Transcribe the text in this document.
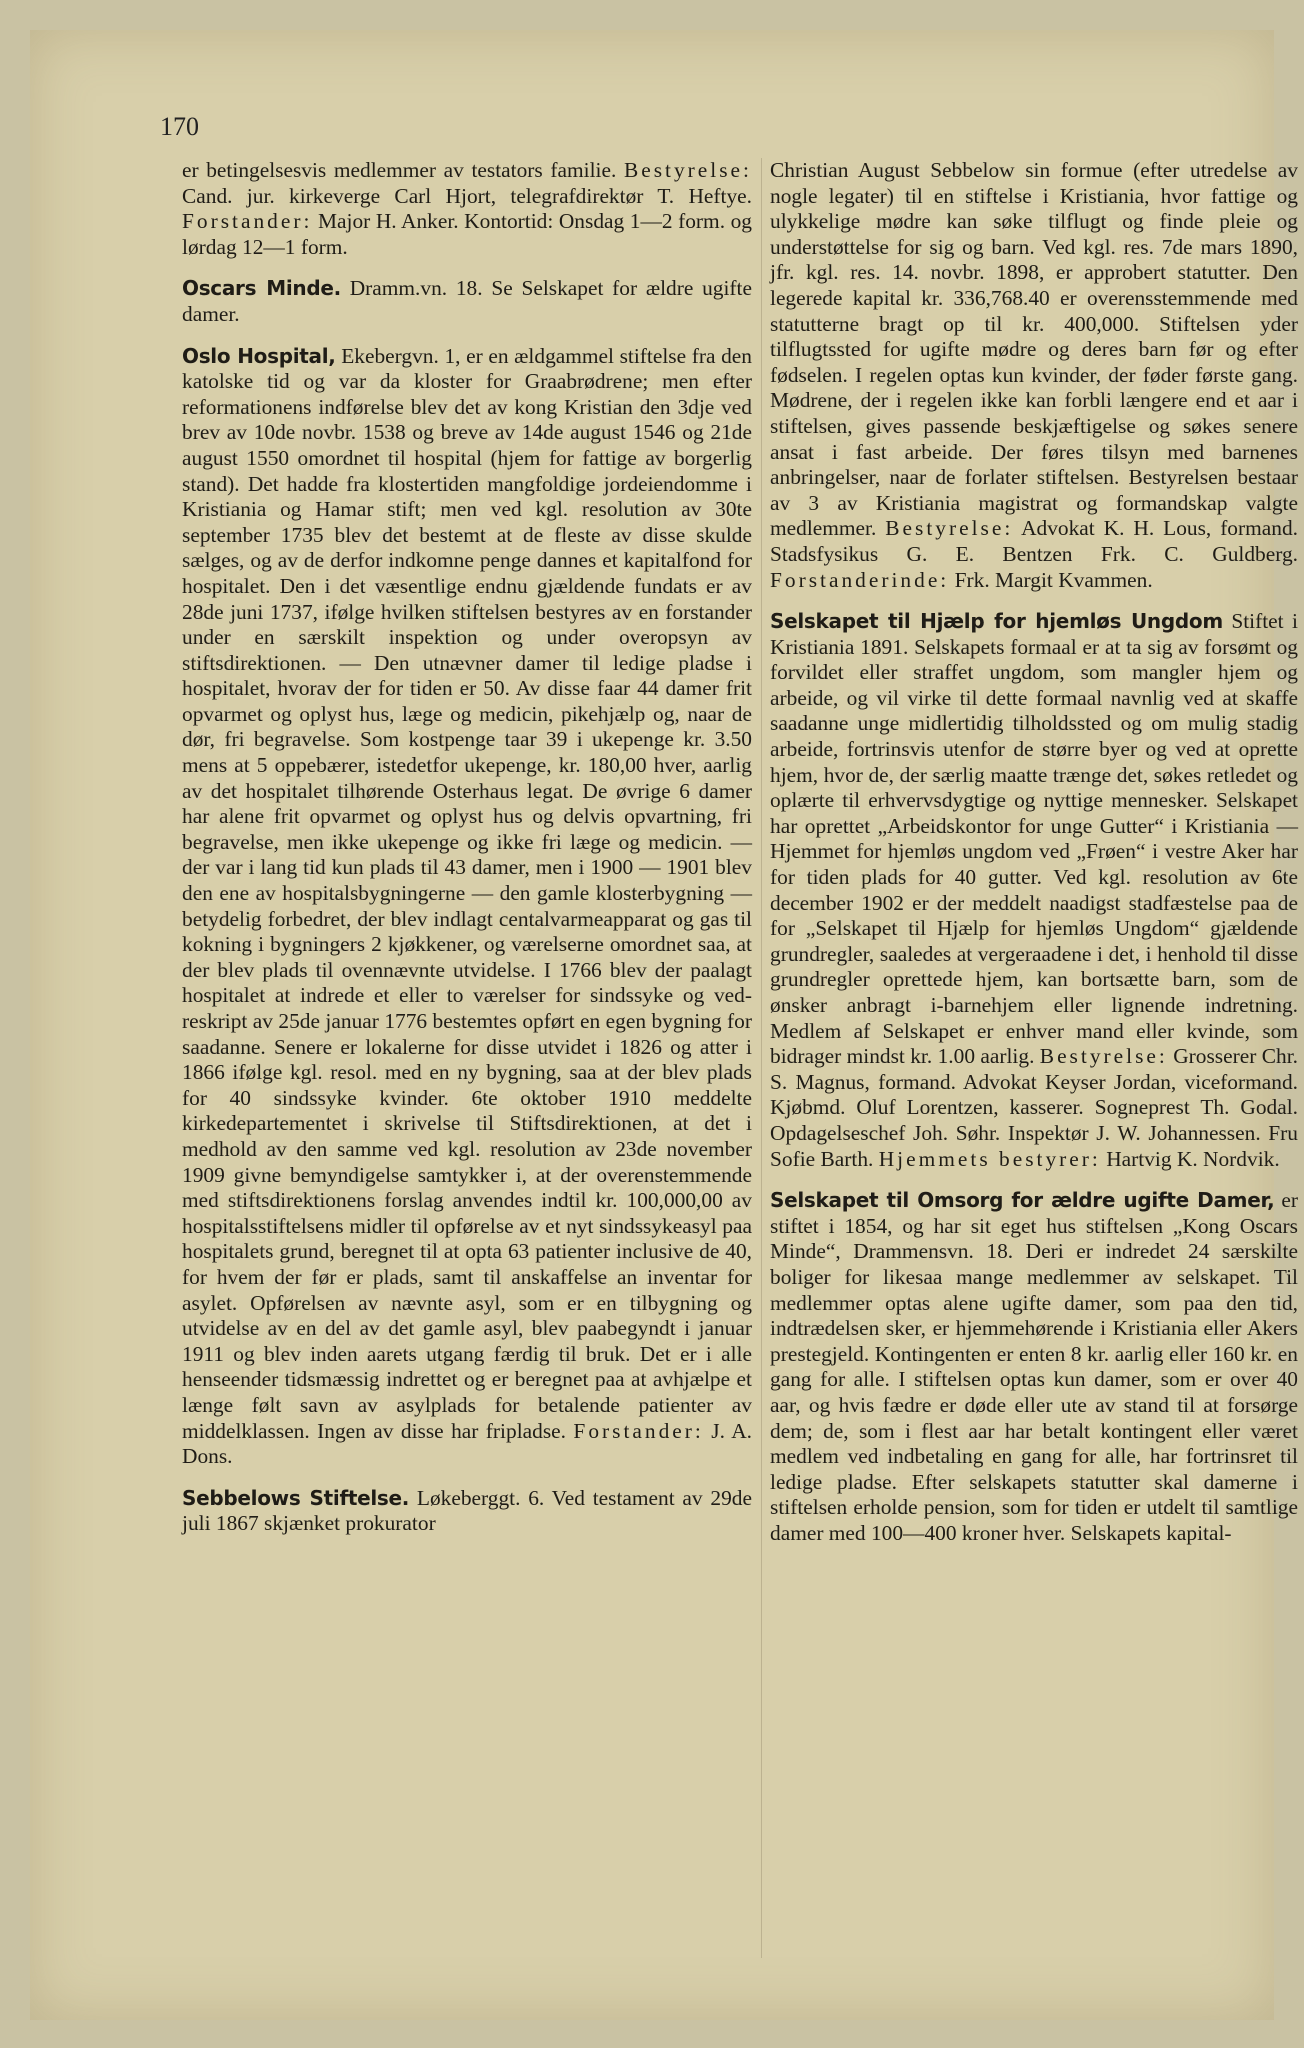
170

er betingelsesvis medlemmer av testators familie. Bestyrelse: Cand. jur. kirkeverge Carl Hjort, telegrafdirektør T. Heftye. Forstander: Major H. Anker. Kontortid: Onsdag 1—2 form. og lørdag 12—1 form.

Oscars Minde. Dramm.vn. 18. Se Selskapet for ældre ugifte damer.

Oslo Hospital, Ekebergvn. 1, er en ældgammel stiftelse fra den katolske tid og var da kloster for Graabrødrene; men efter reformationens indførelse blev det av kong Kristian den 3dje ved brev av 10de novbr. 1538 og breve av 14de august 1546 og 21de august 1550 omordnet til hospital (hjem for fattige av borgerlig stand). Det hadde fra klostertiden mangfoldige jordeiendomme i Kristiania og Hamar stift; men ved kgl. resolution av 30te september 1735 blev det bestemt at de fleste av disse skulde sælges, og av de derfor indkomne penge dannes et kapitalfond for hospitalet. Den i det væsentlige endnu gjældende fundats er av 28de juni 1737, ifølge hvilken stiftelsen bestyres av en forstander under en særskilt inspektion og under overopsyn av stiftsdirektionen. — Den utnævner damer til ledige pladse i hospitalet, hvorav der for tiden er 50. Av disse faar 44 damer frit opvarmet og oplyst hus, læge og medicin, pikehjælp og, naar de dør, fri begravelse. Som kostpenge taar 39 i ukepenge kr. 3.50 mens at 5 oppebærer, istedetfor ukepenge, kr. 180,00 hver, aarlig av det hospitalet tilhørende Osterhaus legat. De øvrige 6 damer har alene frit opvarmet og oplyst hus og delvis opvartning, fri begravelse, men ikke ukepenge og ikke fri læge og medicin. — der var i lang tid kun plads til 43 damer, men i 1900 — 1901 blev den ene av hospitalsbygningerne — den gamle klosterbygning — betydelig forbedret, der blev indlagt centalvarmeapparat og gas til kokning i bygningers 2 kjøkkener, og værelserne omordnet saa, at der blev plads til ovennævnte utvidelse. I 1766 blev der paalagt hospitalet at indrede et eller to værelser for sindssyke og ved-reskript av 25de januar 1776 bestemtes opført en egen bygning for saadanne. Senere er lokalerne for disse utvidet i 1826 og atter i 1866 ifølge kgl. resol. med en ny bygning, saa at der blev plads for 40 sindssyke kvinder. 6te oktober 1910 meddelte kirkedepartementet i skrivelse til Stiftsdirektionen, at det i medhold av den samme ved kgl. resolution av 23de november 1909 givne bemyndigelse samtykker i, at der overenstemmende med stiftsdirektionens forslag anvendes indtil kr. 100,000,00 av hospitalsstiftelsens midler til opførelse av et nyt sindssykeasyl paa hospitalets grund, beregnet til at opta 63 patienter inclusive de 40, for hvem der før er plads, samt til anskaffelse an inventar for asylet. Opførelsen av nævnte asyl, som er en tilbygning og utvidelse av en del av det gamle asyl, blev paabegyndt i januar 1911 og blev inden aarets utgang færdig til bruk. Det er i alle henseender tidsmæssig indrettet og er beregnet paa at avhjælpe et længe følt savn av asylplads for betalende patienter av middelklassen. Ingen av disse har fripladse. Forstander: J. A. Dons.

Sebbelows Stiftelse. Løkeberggt. 6. Ved testament av 29de juli 1867 skjænket prokurator

Christian August Sebbelow sin formue (efter utredelse av nogle legater) til en stiftelse i Kristiania, hvor fattige og ulykkelige mødre kan søke tilflugt og finde pleie og understøttelse for sig og barn. Ved kgl. res. 7de mars 1890, jfr. kgl. res. 14. novbr. 1898, er approbert statutter. Den legerede kapital kr. 336,768.40 er overensstemmende med statutterne bragt op til kr. 400,000. Stiftelsen yder tilflugtssted for ugifte mødre og deres barn før og efter fødselen. I regelen optas kun kvinder, der føder første gang. Mødrene, der i regelen ikke kan forbli længere end et aar i stiftelsen, gives passende beskjæftigelse og søkes senere ansat i fast arbeide. Der føres tilsyn med barnenes anbringelser, naar de forlater stiftelsen. Bestyrelsen bestaar av 3 av Kristiania magistrat og formandskap valgte medlemmer. Bestyrelse: Advokat K. H. Lous, formand. Stadsfysikus G. E. Bentzen Frk. C. Guldberg. Forstanderinde: Frk. Margit Kvammen.

Selskapet til Hjælp for hjemløs Ungdom Stiftet i Kristiania 1891. Selskapets formaal er at ta sig av forsømt og forvildet eller straffet ungdom, som mangler hjem og arbeide, og vil virke til dette formaal navnlig ved at skaffe saadanne unge midlertidig tilholdssted og om mulig stadig arbeide, fortrinsvis utenfor de større byer og ved at oprette hjem, hvor de, der særlig maatte trænge det, søkes retledet og oplærte til erhvervsdygtige og nyttige mennesker. Selskapet har oprettet „Arbeidskontor for unge Gutter“ i Kristiania — Hjemmet for hjemløs ungdom ved „Frøen“ i vestre Aker har for tiden plads for 40 gutter. Ved kgl. resolution av 6te december 1902 er der meddelt naadigst stadfæstelse paa de for „Selskapet til Hjælp for hjemløs Ungdom“ gjældende grundregler, saaledes at vergeraadene i det, i henhold til disse grundregler oprettede hjem, kan bortsætte barn, som de ønsker anbragt i-barnehjem eller lignende indretning. Medlem af Selskapet er enhver mand eller kvinde, som bidrager mindst kr. 1.00 aarlig. Bestyrelse: Grosserer Chr. S. Magnus, formand. Advokat Keyser Jordan, viceformand. Kjøbmd. Oluf Lorentzen, kasserer. Sogneprest Th. Godal. Opdagelseschef Joh. Søhr. Inspektør J. W. Johannessen. Fru Sofie Barth. Hjemmets bestyrer: Hartvig K. Nordvik.

Selskapet til Omsorg for ældre ugifte Damer, er stiftet i 1854, og har sit eget hus stiftelsen „Kong Oscars Minde“, Drammensvn. 18. Deri er indredet 24 særskilte boliger for likesaa mange medlemmer av selskapet. Til medlemmer optas alene ugifte damer, som paa den tid, indtrædelsen sker, er hjemmehørende i Kristiania eller Akers prestegjeld. Kontingenten er enten 8 kr. aarlig eller 160 kr. en gang for alle. I stiftelsen optas kun damer, som er over 40 aar, og hvis fædre er døde eller ute av stand til at forsørge dem; de, som i flest aar har betalt kontingent eller været medlem ved indbetaling en gang for alle, har fortrinsret til ledige pladse. Efter selskapets statutter skal damerne i stiftelsen erholde pension, som for tiden er utdelt til samtlige damer med 100—400 kroner hver. Selskapets kapital-
